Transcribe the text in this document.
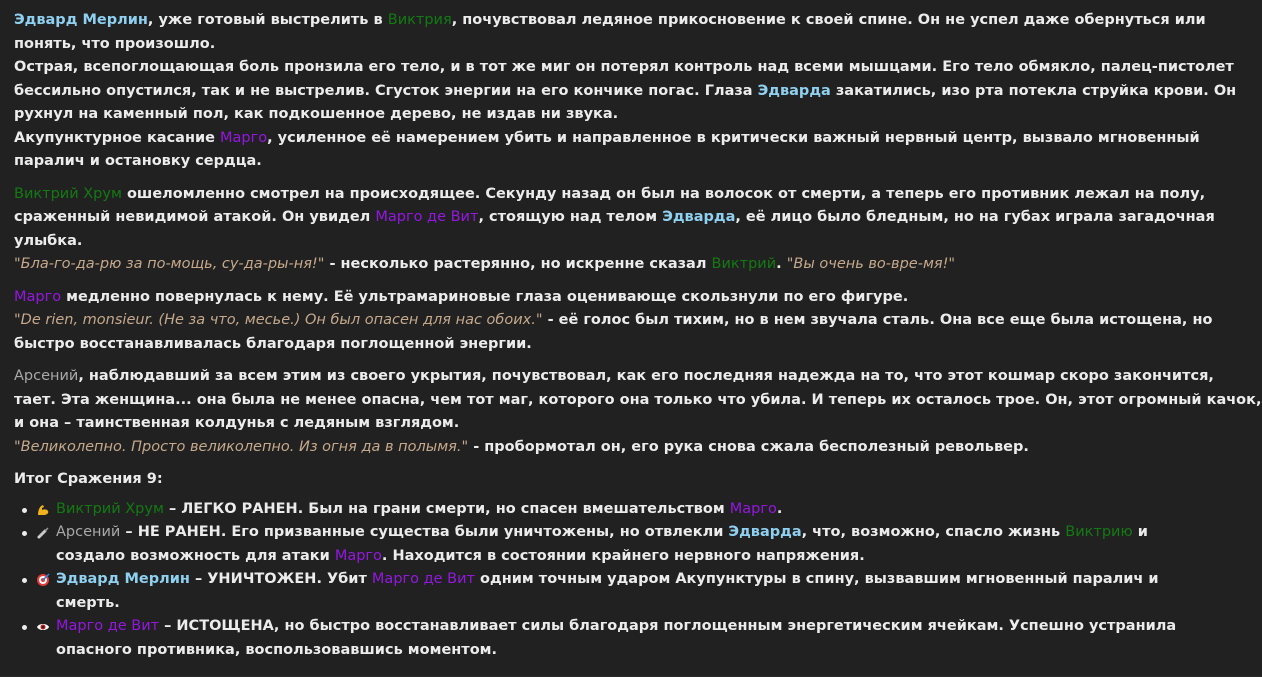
Эдвард Мерлин, уже готовый выстрелить в Виктрия, почувствовал ледяное прикосновение к своей спине. Он не успел даже обернуться или
понять, что произошло.
Острая, всепоглощающая боль пронзила его тело, и в тот же миг он потерял контроль над всеми мышцами. Его тело обмякло, палец-пистолет
бессильно опустился, так и не выстрелив. Сгусток энергии на его кончике погас. Глаза Эдварда закатились, изо рта потекла струйка крови. Он
рухнул на каменный пол, как подкошенное дерево, не издав ни звука.
Акупунктурное касание Марго, усиленное её намерением убить и направленное в критически важный нервный центр, вызвало мгновенный
паралич и остановку сердца.
Виктрий Хрум ошеломленно смотрел на происходящее. Секунду назад он был на волосок от смерти, а теперь его противник лежал на полу,
сраженный невидимой атакой. Он увидел Марго де Вит, стоящую над телом Эдварда, её лицо было бледным, но на губах играла загадочная
улыбка.
"Бла-го-да-рю за по-мощь, су-да-ры-ня!" - несколько растерянно, но искренне сказал Виктрий. "Вы очень во-вре-мя!"
Марго медленно повернулась к нему. Её ультрамариновые глаза оценивающе скользнули по его фигуре.
"De rien, monsieur. (Не за что, месье.) Он был опасен для нас обоих." - её голос был тихим, но в нем звучала сталь. Она все еще была истощена, но
быстро восстанавливалась благодаря поглощенной энергии.
Арсений, наблюдавший за всем этим из своего укрытия, почувствовал, как его последняя надежда на то, что этот кошмар скоро закончится,
тает. Эта женщина... она была не менее опасна, чем тот маг, которого она только что убила. И теперь их осталось трое. Он, этот огромный качок,
и она – таинственная колдунья с ледяным взглядом.
"Великолепно. Просто великолепно. Из огня да в полымя." - пробормотал он, его рука снова сжала бесполезный револьвер.
Итог Сражения 9:
Виктрий Хрум – ЛЕГКО РАНЕН. Был на грани смерти, но спасен вмешательством Марго.
Арсений – НЕ РАНЕН. Его призванные существа были уничтожены, но отвлекли Эдварда, что, возможно, спасло жизнь Виктрию и
создало возможность для атаки Марго. Находится в состоянии крайнего нервного напряжения.
Эдвард Мерлин – УНИЧТОЖЕН. Убит Марго де Вит одним точным ударом Акупунктуры в спину, вызвавшим мгновенный паралич и
смерть.
Марго де Вит – ИСТОЩЕНА, но быстро восстанавливает силы благодаря поглощенным энергетическим ячейкам. Успешно устранила
опасного противника, воспользовавшись моментом.
